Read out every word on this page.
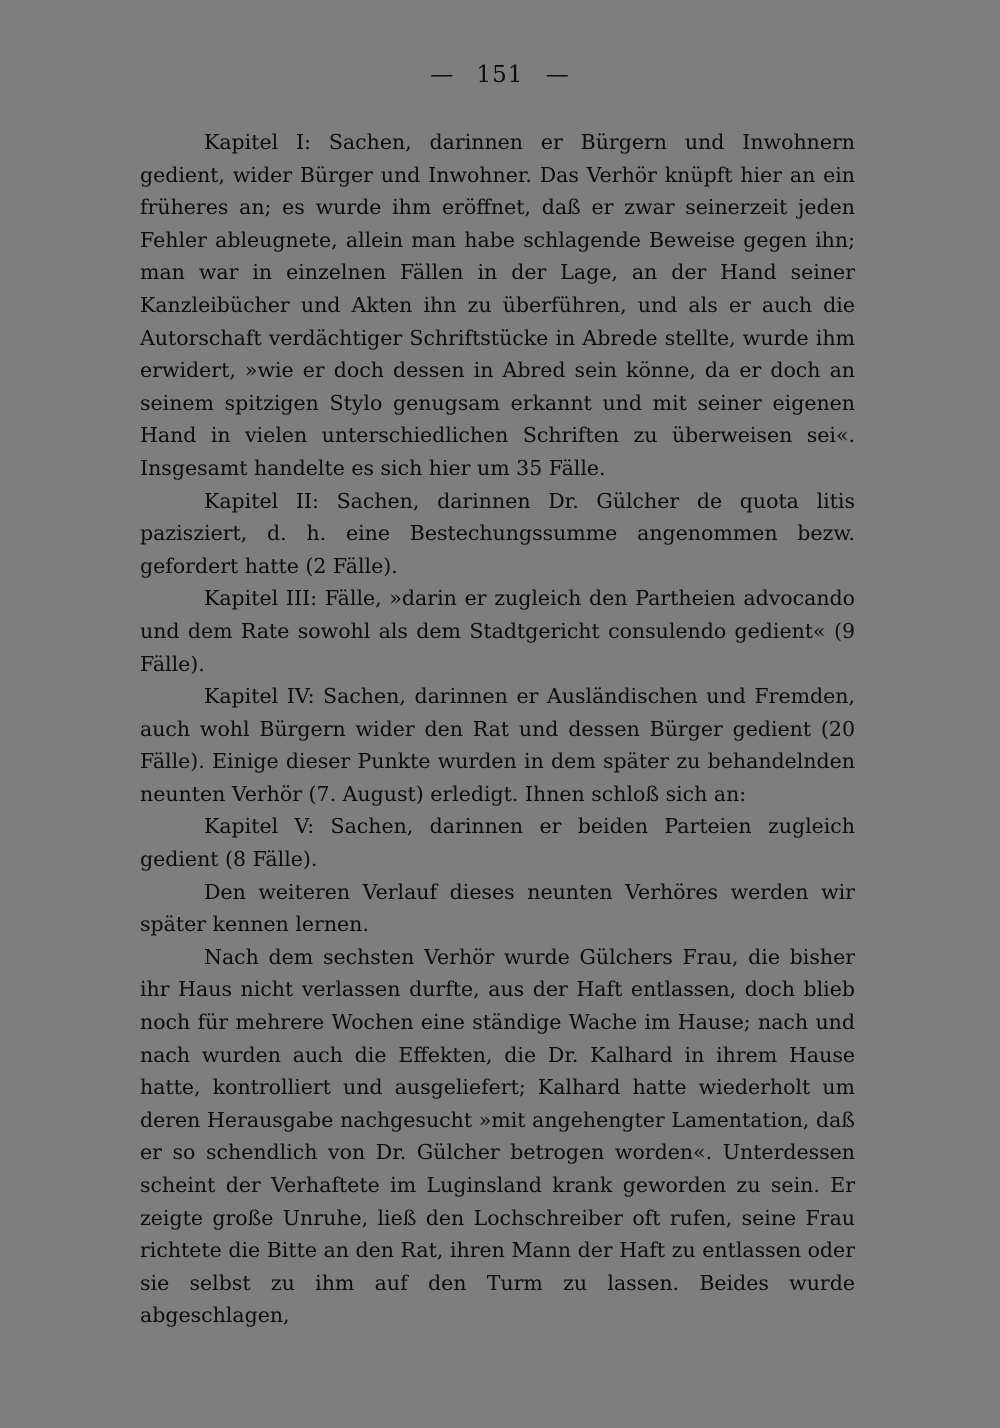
— 151 —

Kapitel I: Sachen, darinnen er Bürgern und Inwohnern gedient, wider Bürger und Inwohner. Das Verhör knüpft hier an ein früheres an; es wurde ihm eröffnet, daß er zwar seinerzeit jeden Fehler ableugnete, allein man habe schlagende Beweise gegen ihn; man war in einzelnen Fällen in der Lage, an der Hand seiner Kanzleibücher und Akten ihn zu überführen, und als er auch die Autorschaft verdächtiger Schriftstücke in Abrede stellte, wurde ihm erwidert, »wie er doch dessen in Abred sein könne, da er doch an seinem spitzigen Stylo genugsam erkannt und mit seiner eigenen Hand in vielen unterschiedlichen Schriften zu überweisen sei«. Insgesamt handelte es sich hier um 35 Fälle.

Kapitel II: Sachen, darinnen Dr. Gülcher de quota litis pazisziert, d. h. eine Bestechungssumme angenommen bezw. gefordert hatte (2 Fälle).

Kapitel III: Fälle, »darin er zugleich den Partheien advocando und dem Rate sowohl als dem Stadtgericht consulendo gedient« (9 Fälle).

Kapitel IV: Sachen, darinnen er Ausländischen und Fremden, auch wohl Bürgern wider den Rat und dessen Bürger gedient (20 Fälle). Einige dieser Punkte wurden in dem später zu behandelnden neunten Verhör (7. August) erledigt. Ihnen schloß sich an:

Kapitel V: Sachen, darinnen er beiden Parteien zugleich gedient (8 Fälle).

Den weiteren Verlauf dieses neunten Verhöres werden wir später kennen lernen.

Nach dem sechsten Verhör wurde Gülchers Frau, die bisher ihr Haus nicht verlassen durfte, aus der Haft entlassen, doch blieb noch für mehrere Wochen eine ständige Wache im Hause; nach und nach wurden auch die Effekten, die Dr. Kalhard in ihrem Hause hatte, kontrolliert und ausgeliefert; Kalhard hatte wiederholt um deren Herausgabe nachgesucht »mit angehengter Lamentation, daß er so schendlich von Dr. Gülcher betrogen worden«. Unterdessen scheint der Verhaftete im Luginsland krank geworden zu sein. Er zeigte große Unruhe, ließ den Lochschreiber oft rufen, seine Frau richtete die Bitte an den Rat, ihren Mann der Haft zu entlassen oder sie selbst zu ihm auf den Turm zu lassen. Beides wurde abgeschlagen,
